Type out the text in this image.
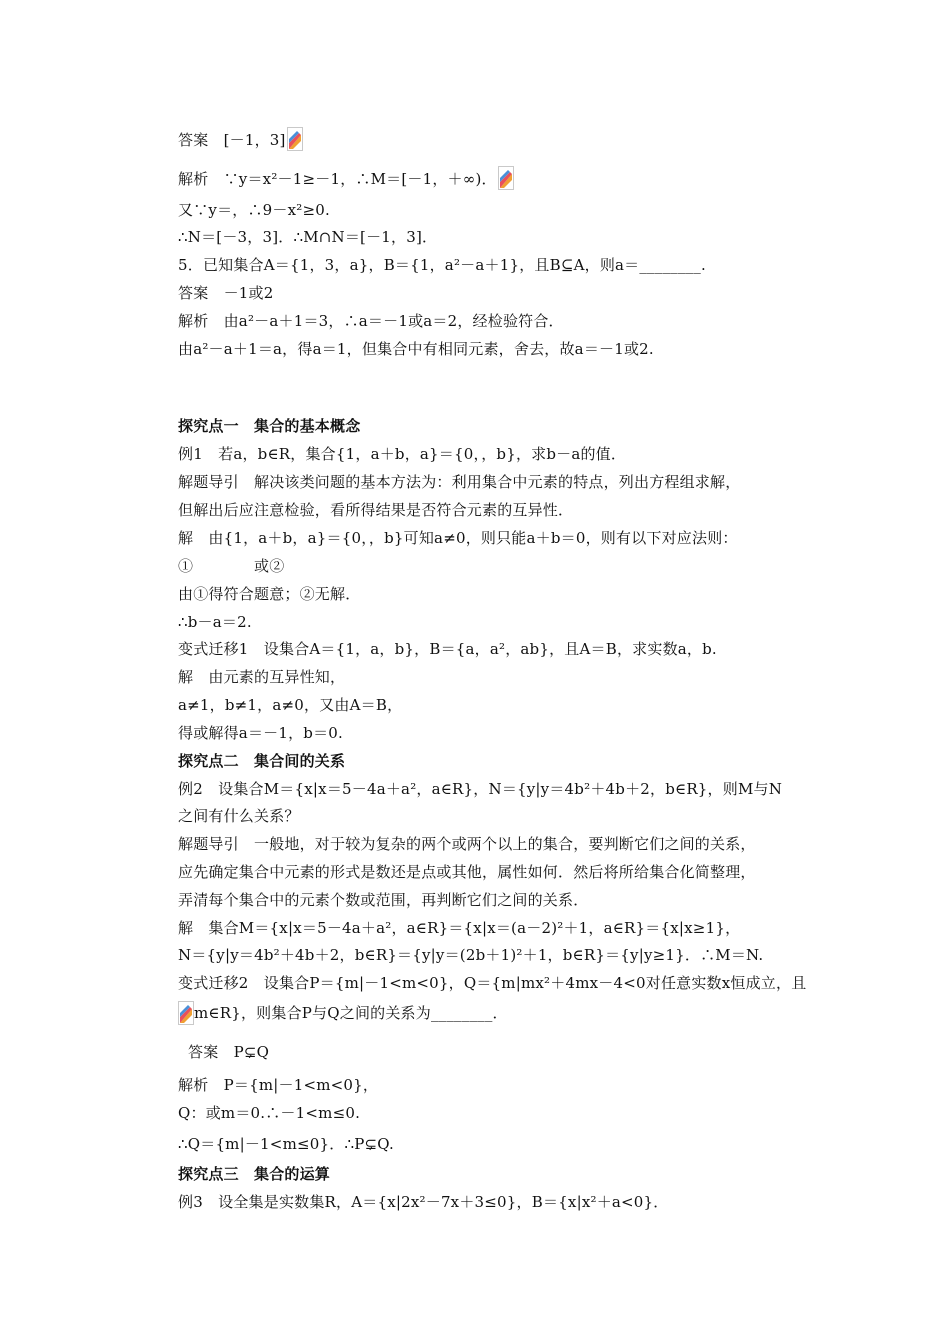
答案　[－1，3]
解析　∵y＝x²－1≥－1，∴M＝[－1，＋∞)．
又∵y＝，∴9－x²≥0.
∴N＝[－3，3]．∴M∩N＝[－1，3]．
5．已知集合A＝{1，3，a}，B＝{1，a²－a＋1}，且B⊆A，则a＝________.
答案　－1或2
解析　由a²－a＋1＝3，∴a＝－1或a＝2，经检验符合．
由a²－a＋1＝a，得a＝1，但集合中有相同元素，舍去，故a＝－1或2.
探究点一　集合的基本概念
例1　若a，b∈R，集合{1，a＋b，a}＝{0，，b}，求b－a的值．
解题导引　解决该类问题的基本方法为：利用集合中元素的特点，列出方程组求解，
但解出后应注意检验，看所得结果是否符合元素的互异性．
解　由{1，a＋b，a}＝{0，，b}可知a≠0，则只能a＋b＝0，则有以下对应法则：
①　　　　或②
由①得符合题意；②无解．
∴b－a＝2.
变式迁移1　设集合A＝{1，a，b}，B＝{a，a²，ab}，且A＝B，求实数a，b.
解　由元素的互异性知，
a≠1，b≠1，a≠0，又由A＝B，
得或解得a＝－1，b＝0.
探究点二　集合间的关系
例2　设集合M＝{x|x＝5－4a＋a²，a∈R}，N＝{y|y＝4b²＋4b＋2，b∈R}，则M与N
之间有什么关系？
解题导引　一般地，对于较为复杂的两个或两个以上的集合，要判断它们之间的关系，
应先确定集合中元素的形式是数还是点或其他，属性如何．然后将所给集合化简整理，
弄清每个集合中的元素个数或范围，再判断它们之间的关系．
解　集合M＝{x|x＝5－4a＋a²，a∈R}＝{x|x＝(a－2)²＋1，a∈R}＝{x|x≥1}，
N＝{y|y＝4b²＋4b＋2，b∈R}＝{y|y＝(2b＋1)²＋1，b∈R}＝{y|y≥1}．∴M＝N.
变式迁移2　设集合P＝{m|－1<m<0}，Q＝{m|mx²＋4mx－4<0对任意实数x恒成立，且
m∈R}，则集合P与Q之间的关系为________．
答案　P⊊Q
解析　P＝{m|－1<m<0}，
Q：或m＝0.∴－1<m≤0.
∴Q＝{m|－1<m≤0}．∴P⊊Q.
探究点三　集合的运算
例3　设全集是实数集R，A＝{x|2x²－7x＋3≤0}，B＝{x|x²＋a<0}．
